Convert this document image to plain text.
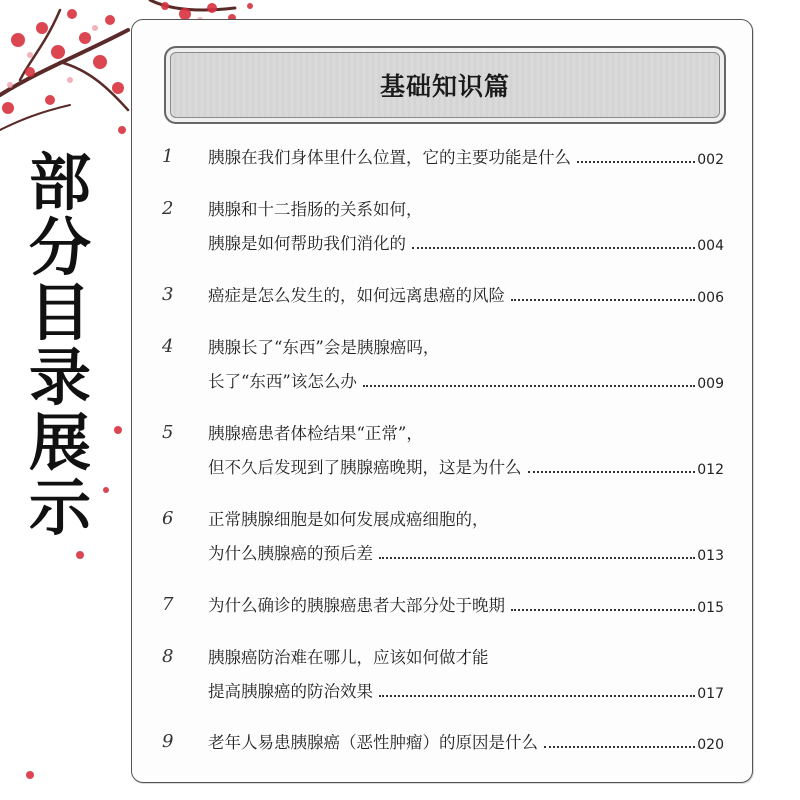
部
分
目
录
展
示
基础知识篇
1	胰腺在我们身体里什么位置，它的主要功能是什么	002
2	胰腺和十二指肠的关系如何，
胰腺是如何帮助我们消化的	004
3	癌症是怎么发生的，如何远离患癌的风险	006
4	胰腺长了“东西”会是胰腺癌吗，
长了“东西”该怎么办	009
5	胰腺癌患者体检结果“正常”，
但不久后发现到了胰腺癌晚期，这是为什么	012
6	正常胰腺细胞是如何发展成癌细胞的，
为什么胰腺癌的预后差	013
7	为什么确诊的胰腺癌患者大部分处于晚期	015
8	胰腺癌防治难在哪儿，应该如何做才能
提高胰腺癌的防治效果	017
9	老年人易患胰腺癌（恶性肿瘤）的原因是什么	020
